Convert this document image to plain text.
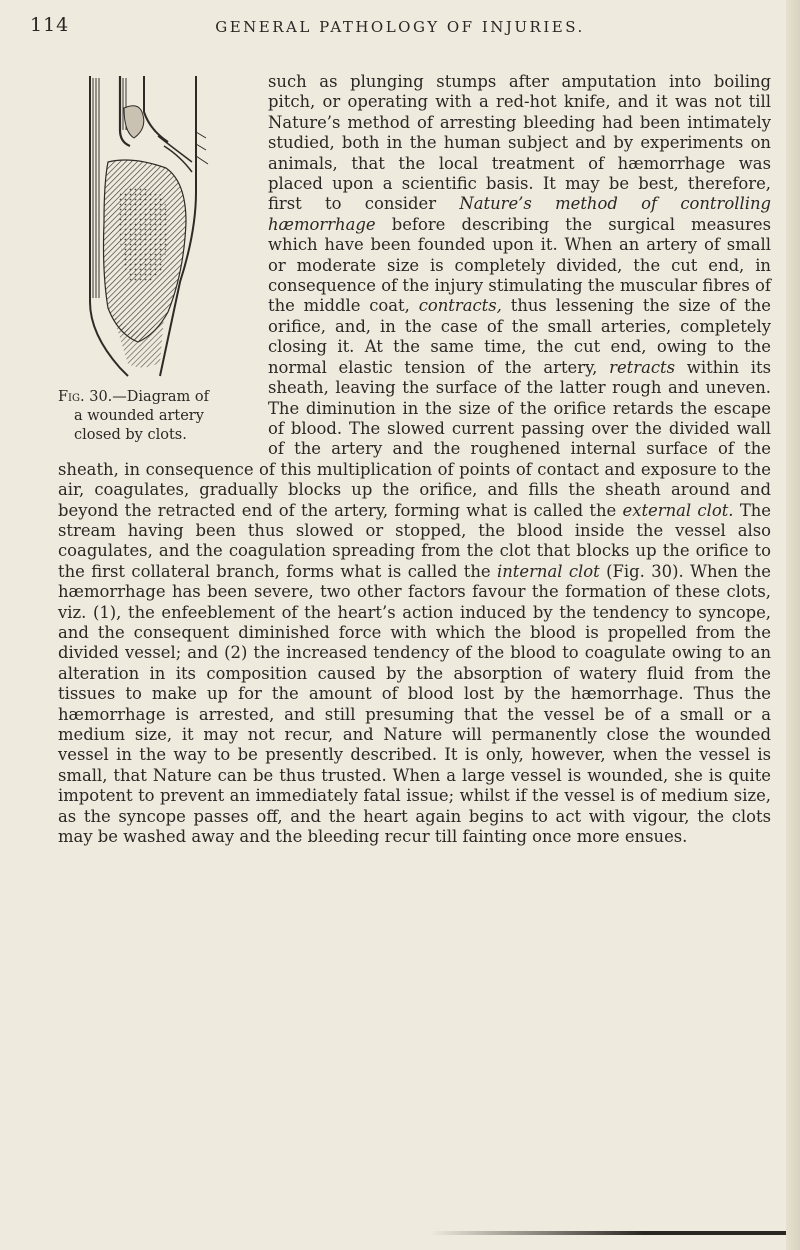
114	GENERAL PATHOLOGY OF INJURIES.
Fig. 30.—Diagram of
a wounded artery
closed by clots.

such as plunging stumps after amputation into boiling pitch, or operating with a red-hot knife, and it was not till Nature’s method of arresting bleeding had been intimately studied, both in the human subject and by experiments on animals, that the local treatment of hæmorrhage was placed upon a scientific basis. It may be best, therefore, first to consider Nature’s method of controlling hæmorrhage before describing the surgical measures which have been founded upon it. When an artery of small or moderate size is completely divided, the cut end, in consequence of the injury stimulating the muscular fibres of the middle coat, contracts, thus lessening the size of the orifice, and, in the case of the small arteries, completely closing it. At the same time, the cut end, owing to the normal elastic tension of the artery, retracts within its sheath, leaving the surface of the latter rough and uneven. The diminution in the size of the orifice retards the escape of blood. The slowed current passing over the divided wall of the artery and the roughened internal surface of the sheath, in consequence of this multiplication of points of contact and exposure to the air, coagulates, gradually blocks up the orifice, and fills the sheath around and beyond the retracted end of the artery, forming what is called the external clot. The stream having been thus slowed or stopped, the blood inside the vessel also coagulates, and the coagulation spreading from the clot that blocks up the orifice to the first collateral branch, forms what is called the internal clot (Fig. 30). When the hæmorrhage has been severe, two other factors favour the formation of these clots, viz. (1), the enfeeblement of the heart’s action induced by the tendency to syncope, and the consequent diminished force with which the blood is propelled from the divided vessel; and (2) the increased tendency of the blood to coagulate owing to an alteration in its composition caused by the absorption of watery fluid from the tissues to make up for the amount of blood lost by the hæmorrhage. Thus the hæmorrhage is arrested, and still presuming that the vessel be of a small or a medium size, it may not recur, and Nature will permanently close the wounded vessel in the way to be presently described. It is only, however, when the vessel is small, that Nature can be thus trusted. When a large vessel is wounded, she is quite impotent to prevent an immediately fatal issue; whilst if the vessel is of medium size, as the syncope passes off, and the heart again begins to act with vigour, the clots may be washed away and the bleeding recur till fainting once more ensues.
